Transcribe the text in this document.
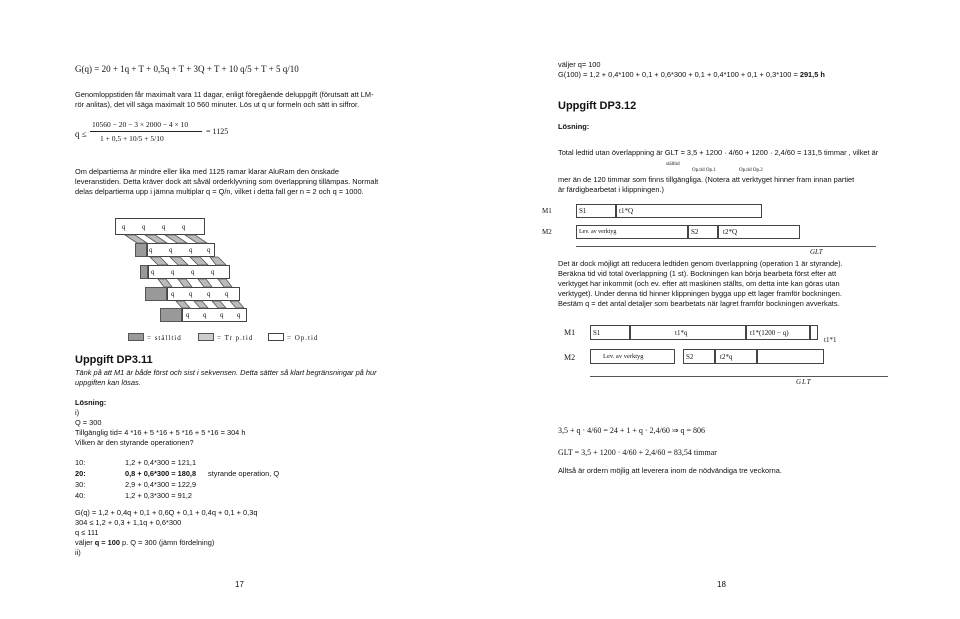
G(q) = 20 + 1q + T + 0,5q + T + 3Q + T + 10 q/5 + T + 5 q/10
Genomloppstiden får maximalt vara 11 dagar, enligt föregående deluppgift (förutsatt att LM-
rör anlitas), det vill säga maximalt 10 560 minuter. Lös ut q ur formeln och sätt in siffror.
q ≤
10560 − 20 − 3 × 2000 − 4 × 10
1 + 0,5 + 10/5 + 5/10
= 1125
Om delpartierna är mindre eller lika med 1125 ramar klarar AluRam den önskade
leveranstiden. Detta kräver dock att såväl orderklyvning som överlappning tillämpas. Normalt
delas delpartierna upp i jämna multiplar q = Q/n, vilket i detta fall ger n = 2 och q = 1000.
q q q q
q q q q
q q q q
q q q q
q q q q
= ställtid	= Tr p.tid	= Op.tid
Uppgift DP3.11
Tänk på att M1 är både först och sist i sekvensen. Detta sätter så klart begränsningar på hur
uppgiften kan lösas.
Lösning:
i)
Q = 300
Tillgänglig tid= 4 *16 + 5 *16 + 5 *16 + 5 *16 = 304 h
Vilken är den styrande operationen?
10:	1,2 + 0,4*300 = 121,1
20:	0,8 + 0,6*300 = 180,8 styrande operation, Q
30:	2,9 + 0,4*300 = 122,9
40:	1,2 + 0,3*300 = 91,2
G(q) = 1,2 + 0,4q + 0,1 + 0,6Q + 0,1 + 0,4q + 0,1 + 0,3q
304 ≤ 1,2 + 0,3 + 1,1q + 0,6*300
q ≤ 111
väljer q = 100 p. Q = 300 (jämn fördelning)
ii)
17
väljer q= 100
G(100) = 1,2 + 0,4*100 + 0,1 + 0,6*300 + 0,1 + 0,4*100 + 0,1 + 0,3*100 = 291,5 h
Uppgift DP3.12
Lösning:
Total ledtid utan överlappning är GLT = 3,5 + 1200 · 4/60 + 1200 · 2,4/60 = 131,5 timmar , vilket är
ställtid
Op.tid Op.1	Op.tid Op.2
mer än de 120 timmar som finns tillgängliga. (Notera att verktyget hinner fram innan partiet
är färdigbearbetat i klippningen.)
M1	S1	t1*Q
M2	Lev. av verktyg	S2	t2*Q
GLT
Det är dock möjligt att reducera ledtiden genom överlappning (operation 1 är styrande).
Beräkna tid vid total överlappning (1 st). Bockningen kan börja bearbeta först efter att
verktyget har inkommit (och ev. efter att maskinen ställts, om detta inte kan göras utan
verktyget). Under denna tid hinner klippningen bygga upp ett lager framför bockningen.
Bestäm q = det antal detaljer som bearbetats när lagret framför bockningen avverkats.
M1	S1	t1*q	t1*(1200 − q)
t1*1
M2	Lev. av verktyg	S2	t2*q
GLT
3,5 + q · 4/60 = 24 + 1 + q · 2,4/60 ⇒ q = 806
GLT = 3,5 + 1200 · 4/60 + 2,4/60 = 83,54 timmar
Alltså är ordern möjlig att leverera inom de nödvändiga tre veckorna.
18
